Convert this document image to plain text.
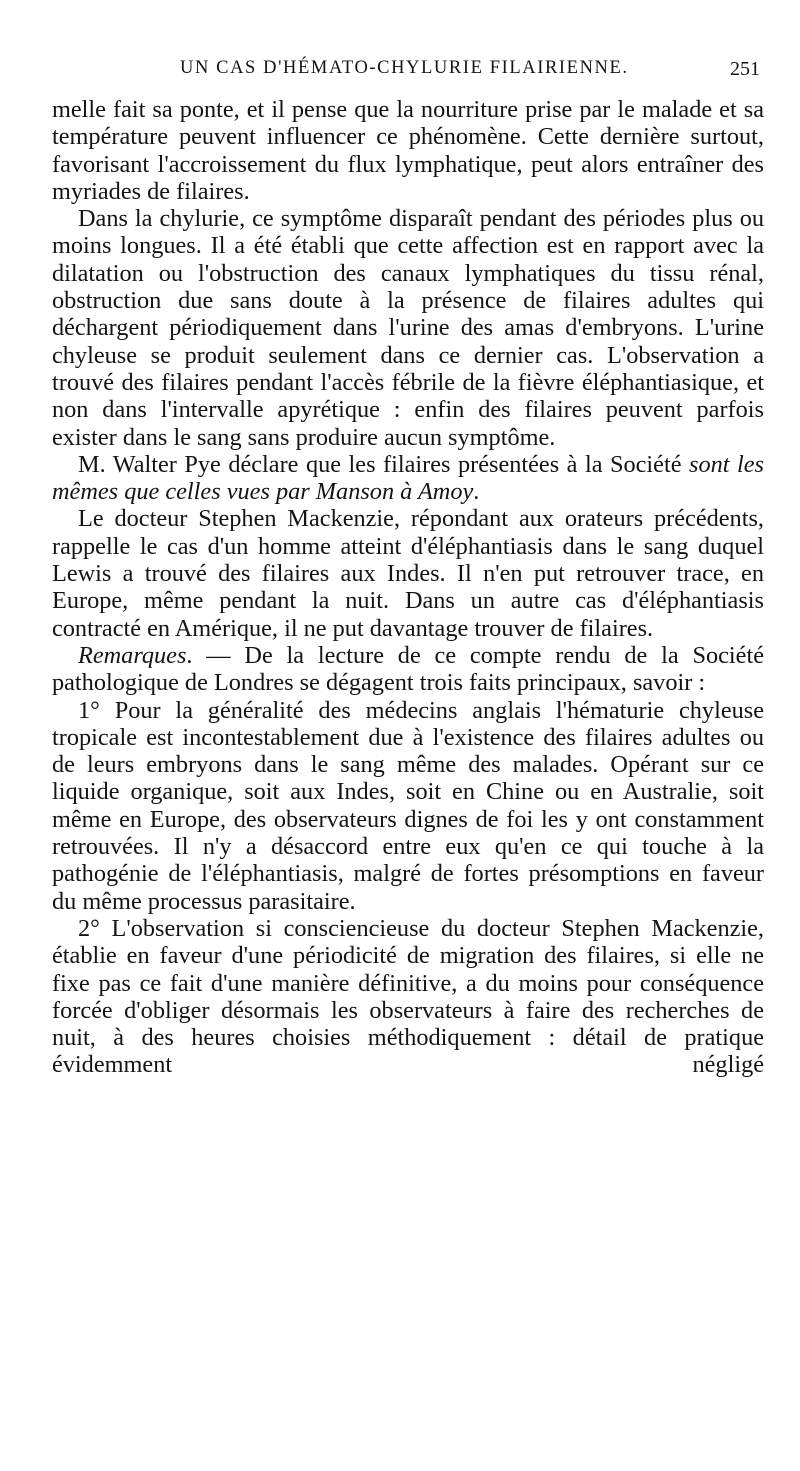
UN CAS D'HÉMATO-CHYLURIE FILAIRIENNE.	251

melle fait sa ponte, et il pense que la nourriture prise par le malade et sa température peuvent influencer ce phénomène. Cette dernière surtout, favorisant l'accroissement du flux lymphatique, peut alors entraîner des myriades de filaires.

Dans la chylurie, ce symptôme disparaît pendant des périodes plus ou moins longues. Il a été établi que cette affection est en rapport avec la dilatation ou l'obstruction des canaux lymphatiques du tissu rénal, obstruction due sans doute à la présence de filaires adultes qui déchargent périodiquement dans l'urine des amas d'embryons. L'urine chyleuse se produit seulement dans ce dernier cas. L'observation a trouvé des filaires pendant l'accès fébrile de la fièvre éléphantiasique, et non dans l'intervalle apyrétique : enfin des filaires peuvent parfois exister dans le sang sans produire aucun symptôme.

M. Walter Pye déclare que les filaires présentées à la Société sont les mêmes que celles vues par Manson à Amoy.

Le docteur Stephen Mackenzie, répondant aux orateurs précédents, rappelle le cas d'un homme atteint d'éléphantiasis dans le sang duquel Lewis a trouvé des filaires aux Indes. Il n'en put retrouver trace, en Europe, même pendant la nuit. Dans un autre cas d'éléphantiasis contracté en Amérique, il ne put davantage trouver de filaires.

Remarques. — De la lecture de ce compte rendu de la Société pathologique de Londres se dégagent trois faits principaux, savoir :

1° Pour la généralité des médecins anglais l'hématurie chyleuse tropicale est incontestablement due à l'existence des filaires adultes ou de leurs embryons dans le sang même des malades. Opérant sur ce liquide organique, soit aux Indes, soit en Chine ou en Australie, soit même en Europe, des observateurs dignes de foi les y ont constamment retrouvées. Il n'y a désaccord entre eux qu'en ce qui touche à la pathogénie de l'éléphantiasis, malgré de fortes présomptions en faveur du même processus parasitaire.

2° L'observation si consciencieuse du docteur Stephen Mackenzie, établie en faveur d'une périodicité de migration des filaires, si elle ne fixe pas ce fait d'une manière définitive, a du moins pour conséquence forcée d'obliger désormais les observateurs à faire des recherches de nuit, à des heures choisies méthodiquement : détail de pratique évidemment négligé
